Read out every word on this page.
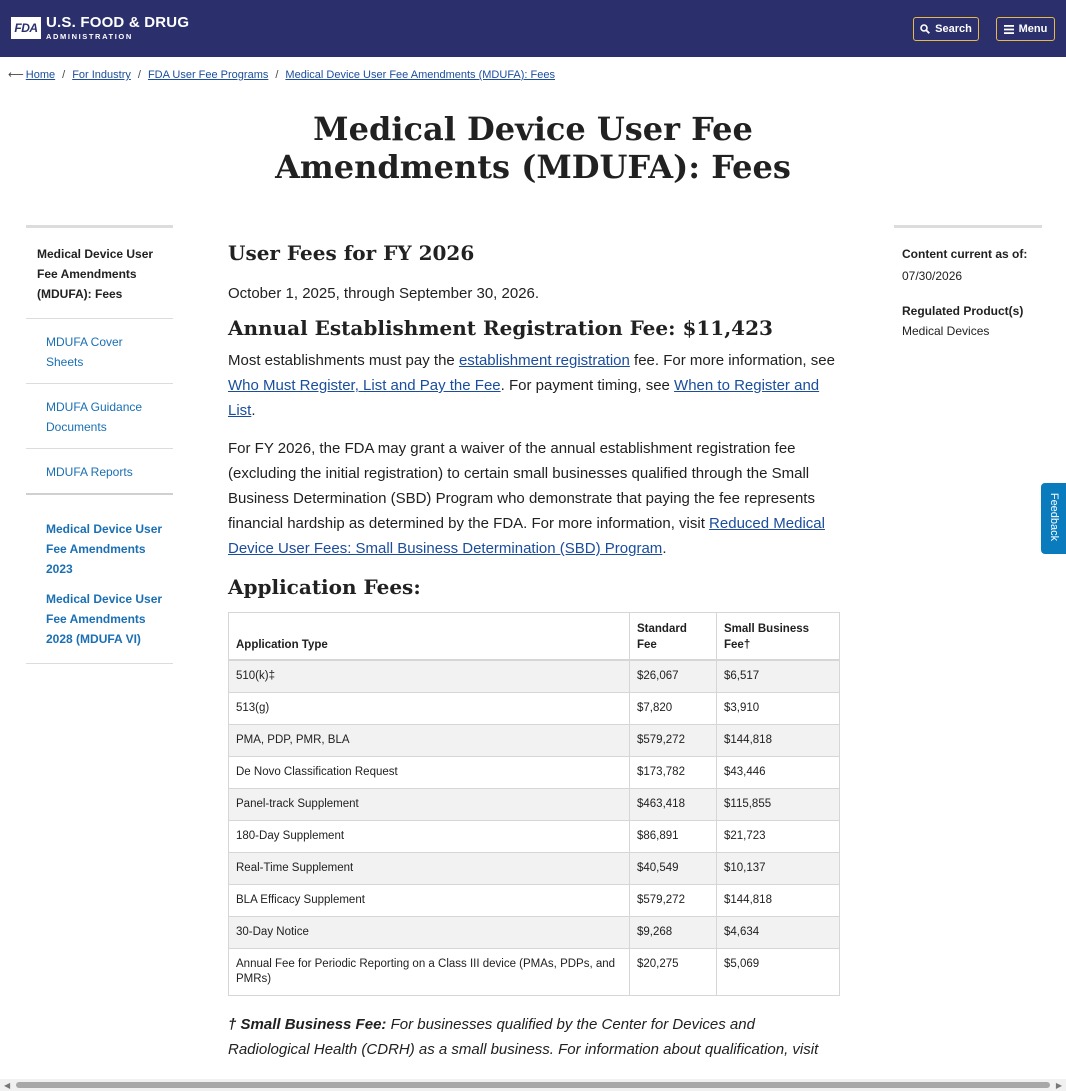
FDA U.S. FOOD & DRUG
ADMINISTRATION
Search	Menu
⟵ Home / For Industry / FDA User Fee Programs / Medical Device User Fee Amendments (MDUFA): Fees
Medical Device User Fee Amendments (MDUFA): Fees
Medical Device User Fee Amendments (MDUFA): Fees
MDUFA Cover Sheets
MDUFA Guidance Documents
MDUFA Reports
Medical Device User Fee Amendments 2023
Medical Device User Fee Amendments 2028 (MDUFA VI)
Content current as of:
07/30/2026
Regulated Product(s)
Medical Devices
User Fees for FY 2026

October 1, 2025, through September 30, 2026.

Annual Establishment Registration Fee: $11,423

Most establishments must pay the establishment registration fee. For more information, see Who Must Register, List and Pay the Fee. For payment timing, see When to Register and List.

For FY 2026, the FDA may grant a waiver of the annual establishment registration fee (excluding the initial registration) to certain small businesses qualified through the Small Business Determination (SBD) Program who demonstrate that paying the fee represents financial hardship as determined by the FDA. For more information, visit Reduced Medical Device User Fees: Small Business Determination (SBD) Program.

Application Fees:
Application Type	Standard Fee	Small Business Fee†
510(k)‡	$26,067	$6,517
513(g)	$7,820	$3,910
PMA, PDP, PMR, BLA	$579,272	$144,818
De Novo Classification Request	$173,782	$43,446
Panel-track Supplement	$463,418	$115,855
180-Day Supplement	$86,891	$21,723
Real-Time Supplement	$40,549	$10,137
BLA Efficacy Supplement	$579,272	$144,818
30-Day Notice	$9,268	$4,634
Annual Fee for Periodic Reporting on a Class III device (PMAs, PDPs, and PMRs)	$20,275	$5,069

† Small Business Fee: For businesses qualified by the Center for Devices and Radiological Health (CDRH) as a small business. For information about qualification, visit

Feedback
◀	▶
